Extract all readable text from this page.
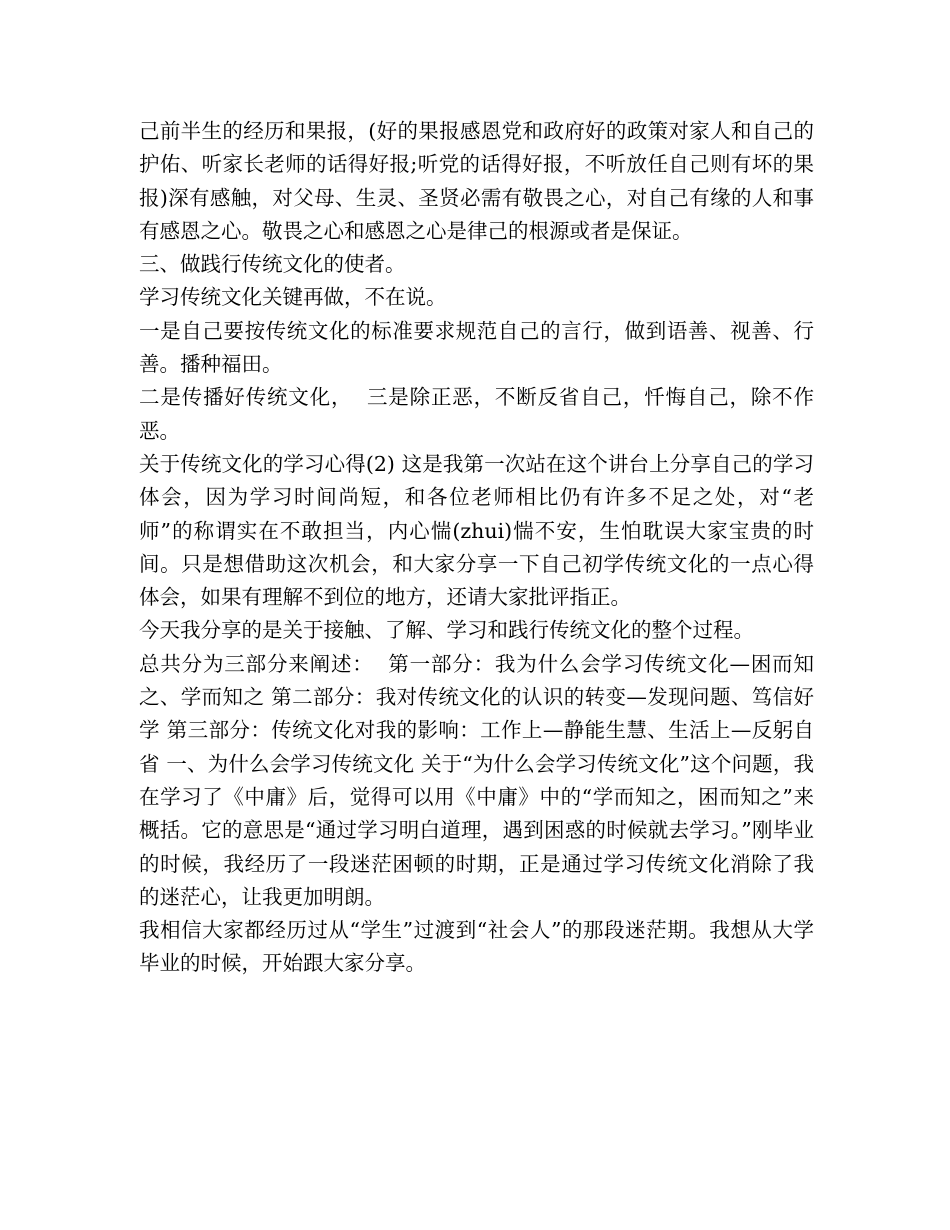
己前半生的经历和果报，(好的果报感恩党和政府好的政策对家人和自己的护佑、听家长老师的话得好报;听党的话得好报，不听放任自己则有坏的果报)深有感触，对父母、生灵、圣贤必需有敬畏之心，对自己有缘的人和事有感恩之心。敬畏之心和感恩之心是律己的根源或者是保证。

三、做践行传统文化的使者。

学习传统文化关键再做，不在说。

一是自己要按传统文化的标准要求规范自己的言行，做到语善、视善、行善。播种福田。

二是传播好传统文化，  三是除正恶，不断反省自己，忏悔自己，除不作恶。

关于传统文化的学习心得(2) 这是我第一次站在这个讲台上分享自己的学习体会，因为学习时间尚短，和各位老师相比仍有许多不足之处，对“老师”的称谓实在不敢担当，内心惴(zhui)惴不安，生怕耽误大家宝贵的时间。只是想借助这次机会，和大家分享一下自己初学传统文化的一点心得体会，如果有理解不到位的地方，还请大家批评指正。

今天我分享的是关于接触、了解、学习和践行传统文化的整个过程。

总共分为三部分来阐述：  第一部分：我为什么会学习传统文化—困而知之、学而知之 第二部分：我对传统文化的认识的转变—发现问题、笃信好学 第三部分：传统文化对我的影响：工作上—静能生慧、生活上—反躬自省 一、为什么会学习传统文化 关于“为什么会学习传统文化”这个问题，我在学习了《中庸》后，觉得可以用《中庸》中的“学而知之，困而知之”来概括。它的意思是“通过学习明白道理，遇到困惑的时候就去学习。”刚毕业的时候，我经历了一段迷茫困顿的时期，正是通过学习传统文化消除了我的迷茫心，让我更加明朗。

我相信大家都经历过从“学生”过渡到“社会人”的那段迷茫期。我想从大学毕业的时候，开始跟大家分享。
